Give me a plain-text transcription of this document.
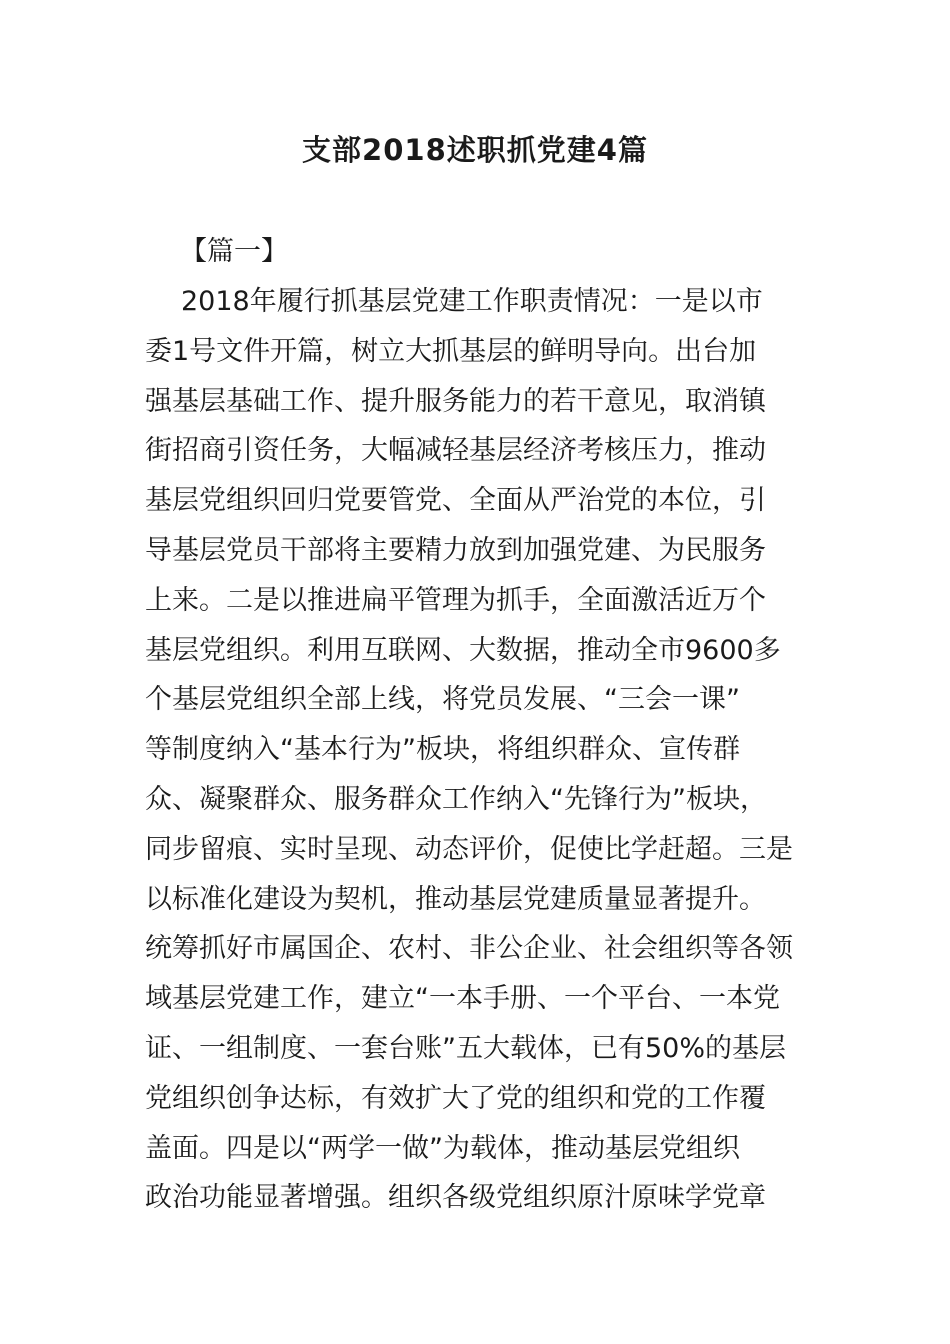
支部2018述职抓党建4篇
【篇一】
2018年履行抓基层党建工作职责情况：一是以市
委1号文件开篇，树立大抓基层的鲜明导向。出台加
强基层基础工作、提升服务能力的若干意见，取消镇
街招商引资任务，大幅减轻基层经济考核压力，推动
基层党组织回归党要管党、全面从严治党的本位，引
导基层党员干部将主要精力放到加强党建、为民服务
上来。二是以推进扁平管理为抓手，全面激活近万个
基层党组织。利用互联网、大数据，推动全市9600多
个基层党组织全部上线，将党员发展、“三会一课”
等制度纳入“基本行为”板块，将组织群众、宣传群
众、凝聚群众、服务群众工作纳入“先锋行为”板块，
同步留痕、实时呈现、动态评价，促使比学赶超。三是
以标准化建设为契机，推动基层党建质量显著提升。
统筹抓好市属国企、农村、非公企业、社会组织等各领
域基层党建工作，建立“一本手册、一个平台、一本党
证、一组制度、一套台账”五大载体，已有50%的基层
党组织创争达标，有效扩大了党的组织和党的工作覆
盖面。四是以“两学一做”为载体，推动基层党组织
政治功能显著增强。组织各级党组织原汁原味学党章
